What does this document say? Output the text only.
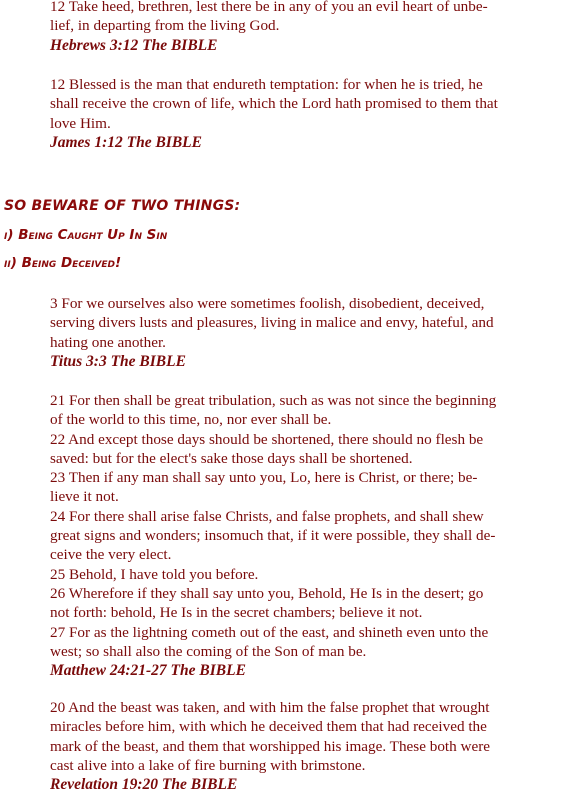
12 Take heed, brethren, lest there be in any of you an evil heart of unbe-
lief, in departing from the living God.
Hebrews 3:12 The BIBLE
12 Blessed is the man that endureth temptation: for when he is tried, he
shall receive the crown of life, which the Lord hath promised to them that
love Him.
James 1:12 The BIBLE
SO BEWARE OF TWO THINGS:
i) Being Caught Up In Sin
ii) Being Deceived!
3 For we ourselves also were sometimes foolish, disobedient, deceived,
serving divers lusts and pleasures, living in malice and envy, hateful, and
hating one another.
Titus 3:3 The BIBLE
21 For then shall be great tribulation, such as was not since the beginning
of the world to this time, no, nor ever shall be.
22 And except those days should be shortened, there should no flesh be
saved: but for the elect's sake those days shall be shortened.
23 Then if any man shall say unto you, Lo, here is Christ, or there; be-
lieve it not.
24 For there shall arise false Christs, and false prophets, and shall shew
great signs and wonders; insomuch that, if it were possible, they shall de-
ceive the very elect.
25 Behold, I have told you before.
26 Wherefore if they shall say unto you, Behold, He Is in the desert; go
not forth: behold, He Is in the secret chambers; believe it not.
27 For as the lightning cometh out of the east, and shineth even unto the
west; so shall also the coming of the Son of man be.
Matthew 24:21-27 The BIBLE
20 And the beast was taken, and with him the false prophet that wrought
miracles before him, with which he deceived them that had received the
mark of the beast, and them that worshipped his image. These both were
cast alive into a lake of fire burning with brimstone.
Revelation 19:20 The BIBLE
